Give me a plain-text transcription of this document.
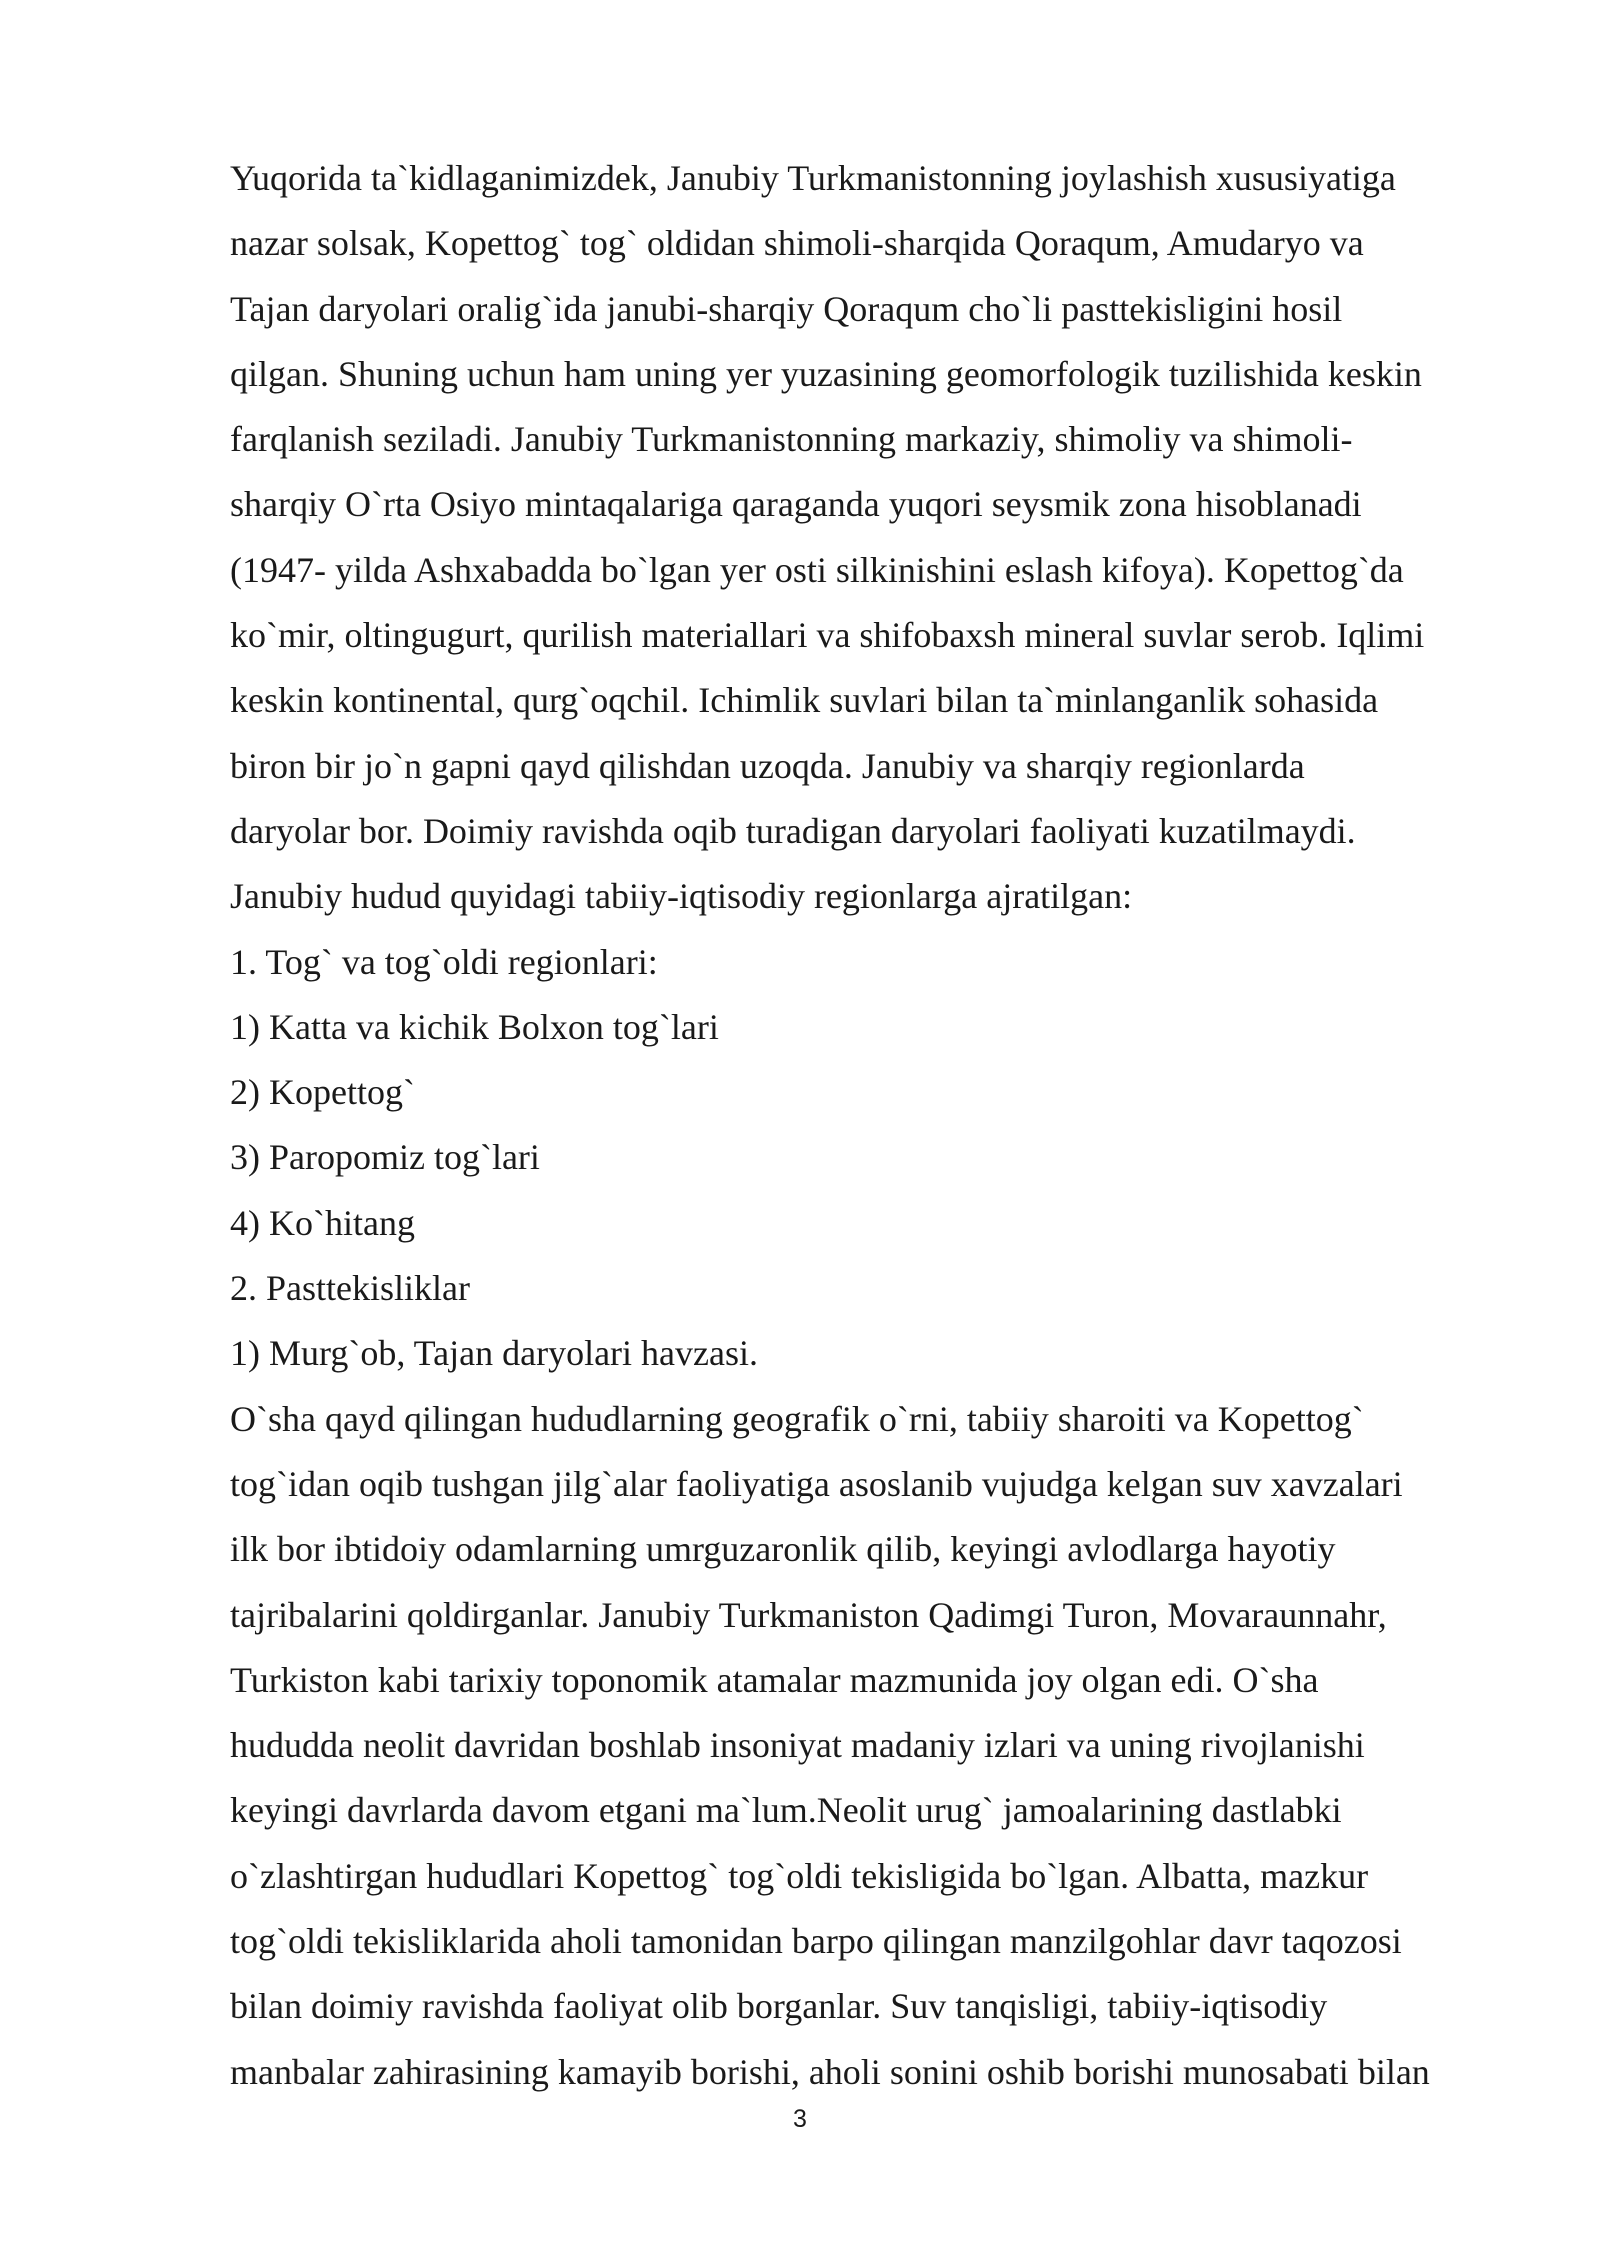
Yuqorida ta`kidlaganimizdek, Janubiy Turkmanistonning joylashish xususiyatiga
nazar solsak, Kopettog` tog` oldidan shimoli-sharqida Qoraqum, Amudaryo va
Tajan daryolari oralig`ida janubi-sharqiy Qoraqum cho`li pasttekisligini hosil
qilgan. Shuning uchun ham uning yer yuzasining geomorfologik tuzilishida keskin
farqlanish seziladi. Janubiy Turkmanistonning markaziy, shimoliy va shimoli-
sharqiy O`rta Osiyo mintaqalariga qaraganda yuqori seysmik zona hisoblanadi
(1947- yilda Ashxabadda bo`lgan yer osti silkinishini eslash kifoya). Kopettog`da
ko`mir, oltingugurt, qurilish materiallari va shifobaxsh mineral suvlar serob. Iqlimi
keskin kontinental, qurg`oqchil. Ichimlik suvlari bilan ta`minlanganlik sohasida
biron bir jo`n gapni qayd qilishdan uzoqda. Janubiy va sharqiy regionlarda
daryolar bor. Doimiy ravishda oqib turadigan daryolari faoliyati kuzatilmaydi.
Janubiy hudud quyidagi tabiiy-iqtisodiy regionlarga ajratilgan:
1. Tog` va tog`oldi regionlari:
1) Katta va kichik Bolxon tog`lari
2) Kopettog`
3) Paropomiz tog`lari
4) Ko`hitang
2. Pasttekisliklar
1) Murg`ob, Tajan daryolari havzasi.
O`sha qayd qilingan hududlarning geografik o`rni, tabiiy sharoiti va Kopettog`
tog`idan oqib tushgan jilg`alar faoliyatiga asoslanib vujudga kelgan suv xavzalari
ilk bor ibtidoiy odamlarning umrguzaronlik qilib, keyingi avlodlarga hayotiy
tajribalarini qoldirganlar. Janubiy Turkmaniston Qadimgi Turon, Movaraunnahr,
Turkiston kabi tarixiy toponomik atamalar mazmunida joy olgan edi. O`sha
hududda neolit davridan boshlab insoniyat madaniy izlari va uning rivojlanishi
keyingi davrlarda davom etgani ma`lum.Neolit urug` jamoalarining dastlabki
o`zlashtirgan hududlari Kopettog` tog`oldi tekisligida bo`lgan. Albatta, mazkur
tog`oldi tekisliklarida aholi tamonidan barpo qilingan manzilgohlar davr taqozosi
bilan doimiy ravishda faoliyat olib borganlar. Suv tanqisligi, tabiiy-iqtisodiy
manbalar zahirasining kamayib borishi, aholi sonini oshib borishi munosabati bilan
3
